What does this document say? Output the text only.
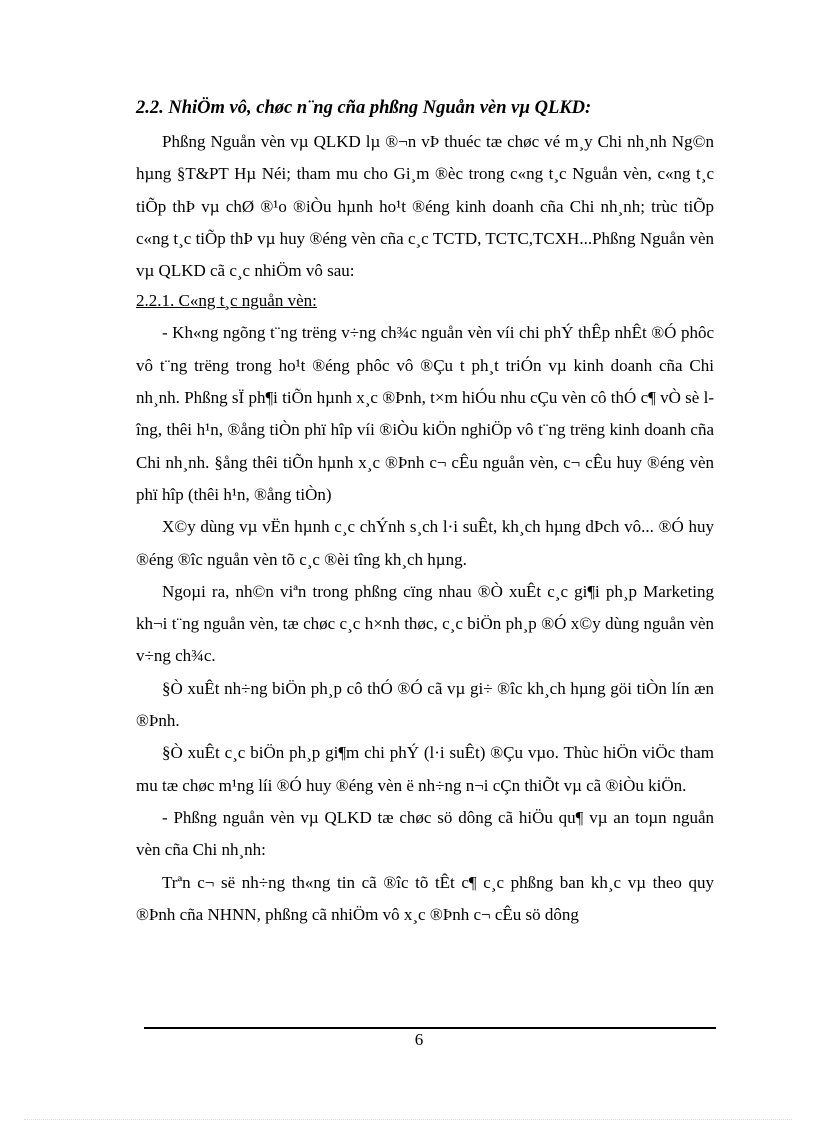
2.2. NhiÖm vô, chøc n¨ng cña phßng Nguån vèn vµ QLKD:

Phßng Nguån vèn vµ QLKD lµ ®¬n vÞ thuéc tæ chøc vé m¸y Chi nh¸nh Ng©n hµng §T&PT Hµ Néi; tham mu cho Gi¸m ®èc trong c«ng t¸c Nguån vèn, c«ng t¸c tiÕp thÞ vµ chØ ®¹o ®iÒu hµnh ho¹t ®éng kinh doanh cña Chi nh¸nh; trùc tiÕp c«ng t¸c tiÕp thÞ vµ huy ®éng vèn cña c¸c TCTD, TCTC,TCXH...Phßng Nguån vèn vµ QLKD cã c¸c nhiÖm vô sau:

2.2.1. C«ng t¸c nguån vèn:

- Kh«ng ngõng t¨ng trëng v÷ng ch¾c nguån vèn víi chi phÝ thÊp nhÊt ®Ó phôc vô t¨ng trëng trong ho¹t ®éng phôc vô ®Çu t ph¸t triÓn vµ kinh doanh cña Chi nh¸nh. Phßng sÏ ph¶i tiÕn hµnh x¸c ®Þnh, t×m hiÓu nhu cÇu vèn cô thÓ c¶ vÒ sè lîng, thêi h¹n, ®ång tiÒn phï hîp víi ®iÒu kiÖn nghiÖp vô t¨ng trëng kinh doanh cña Chi nh¸nh. §ång thêi tiÕn hµnh x¸c ®Þnh c¬ cÊu nguån vèn, c¬ cÊu huy ®éng vèn phï hîp (thêi h¹n, ®ång tiÒn)

X©y dùng vµ vËn hµnh c¸c chÝnh s¸ch l·i suÊt, kh¸ch hµng dÞch vô... ®Ó huy ®éng ®îc nguån vèn tõ c¸c ®èi tîng kh¸ch hµng.

Ngoµi ra, nh©n viªn trong phßng cïng nhau ®Ò xuÊt c¸c gi¶i ph¸p Marketing kh¬i t¨ng nguån vèn, tæ chøc c¸c h×nh thøc, c¸c biÖn ph¸p ®Ó x©y dùng nguån vèn v÷ng ch¾c.

§Ò xuÊt nh÷ng biÖn ph¸p cô thÓ ®Ó cã vµ gi÷ ®îc kh¸ch hµng göi tiÒn lín æn ®Þnh.

§Ò xuÊt c¸c biÖn ph¸p gi¶m chi phÝ (l·i suÊt) ®Çu vµo. Thùc hiÖn viÖc tham mu tæ chøc m¹ng líi ®Ó huy ®éng vèn ë nh÷ng n¬i cÇn thiÕt vµ cã ®iÒu kiÖn.

- Phßng nguån vèn vµ QLKD tæ chøc sö dông cã hiÖu qu¶ vµ an toµn nguån vèn cña Chi nh¸nh:

Trªn c¬ së nh÷ng th«ng tin cã ®îc tõ tÊt c¶ c¸c phßng ban kh¸c vµ theo quy ®Þnh cña NHNN, phßng cã nhiÖm vô x¸c ®Þnh c¬ cÊu sö dông

6
